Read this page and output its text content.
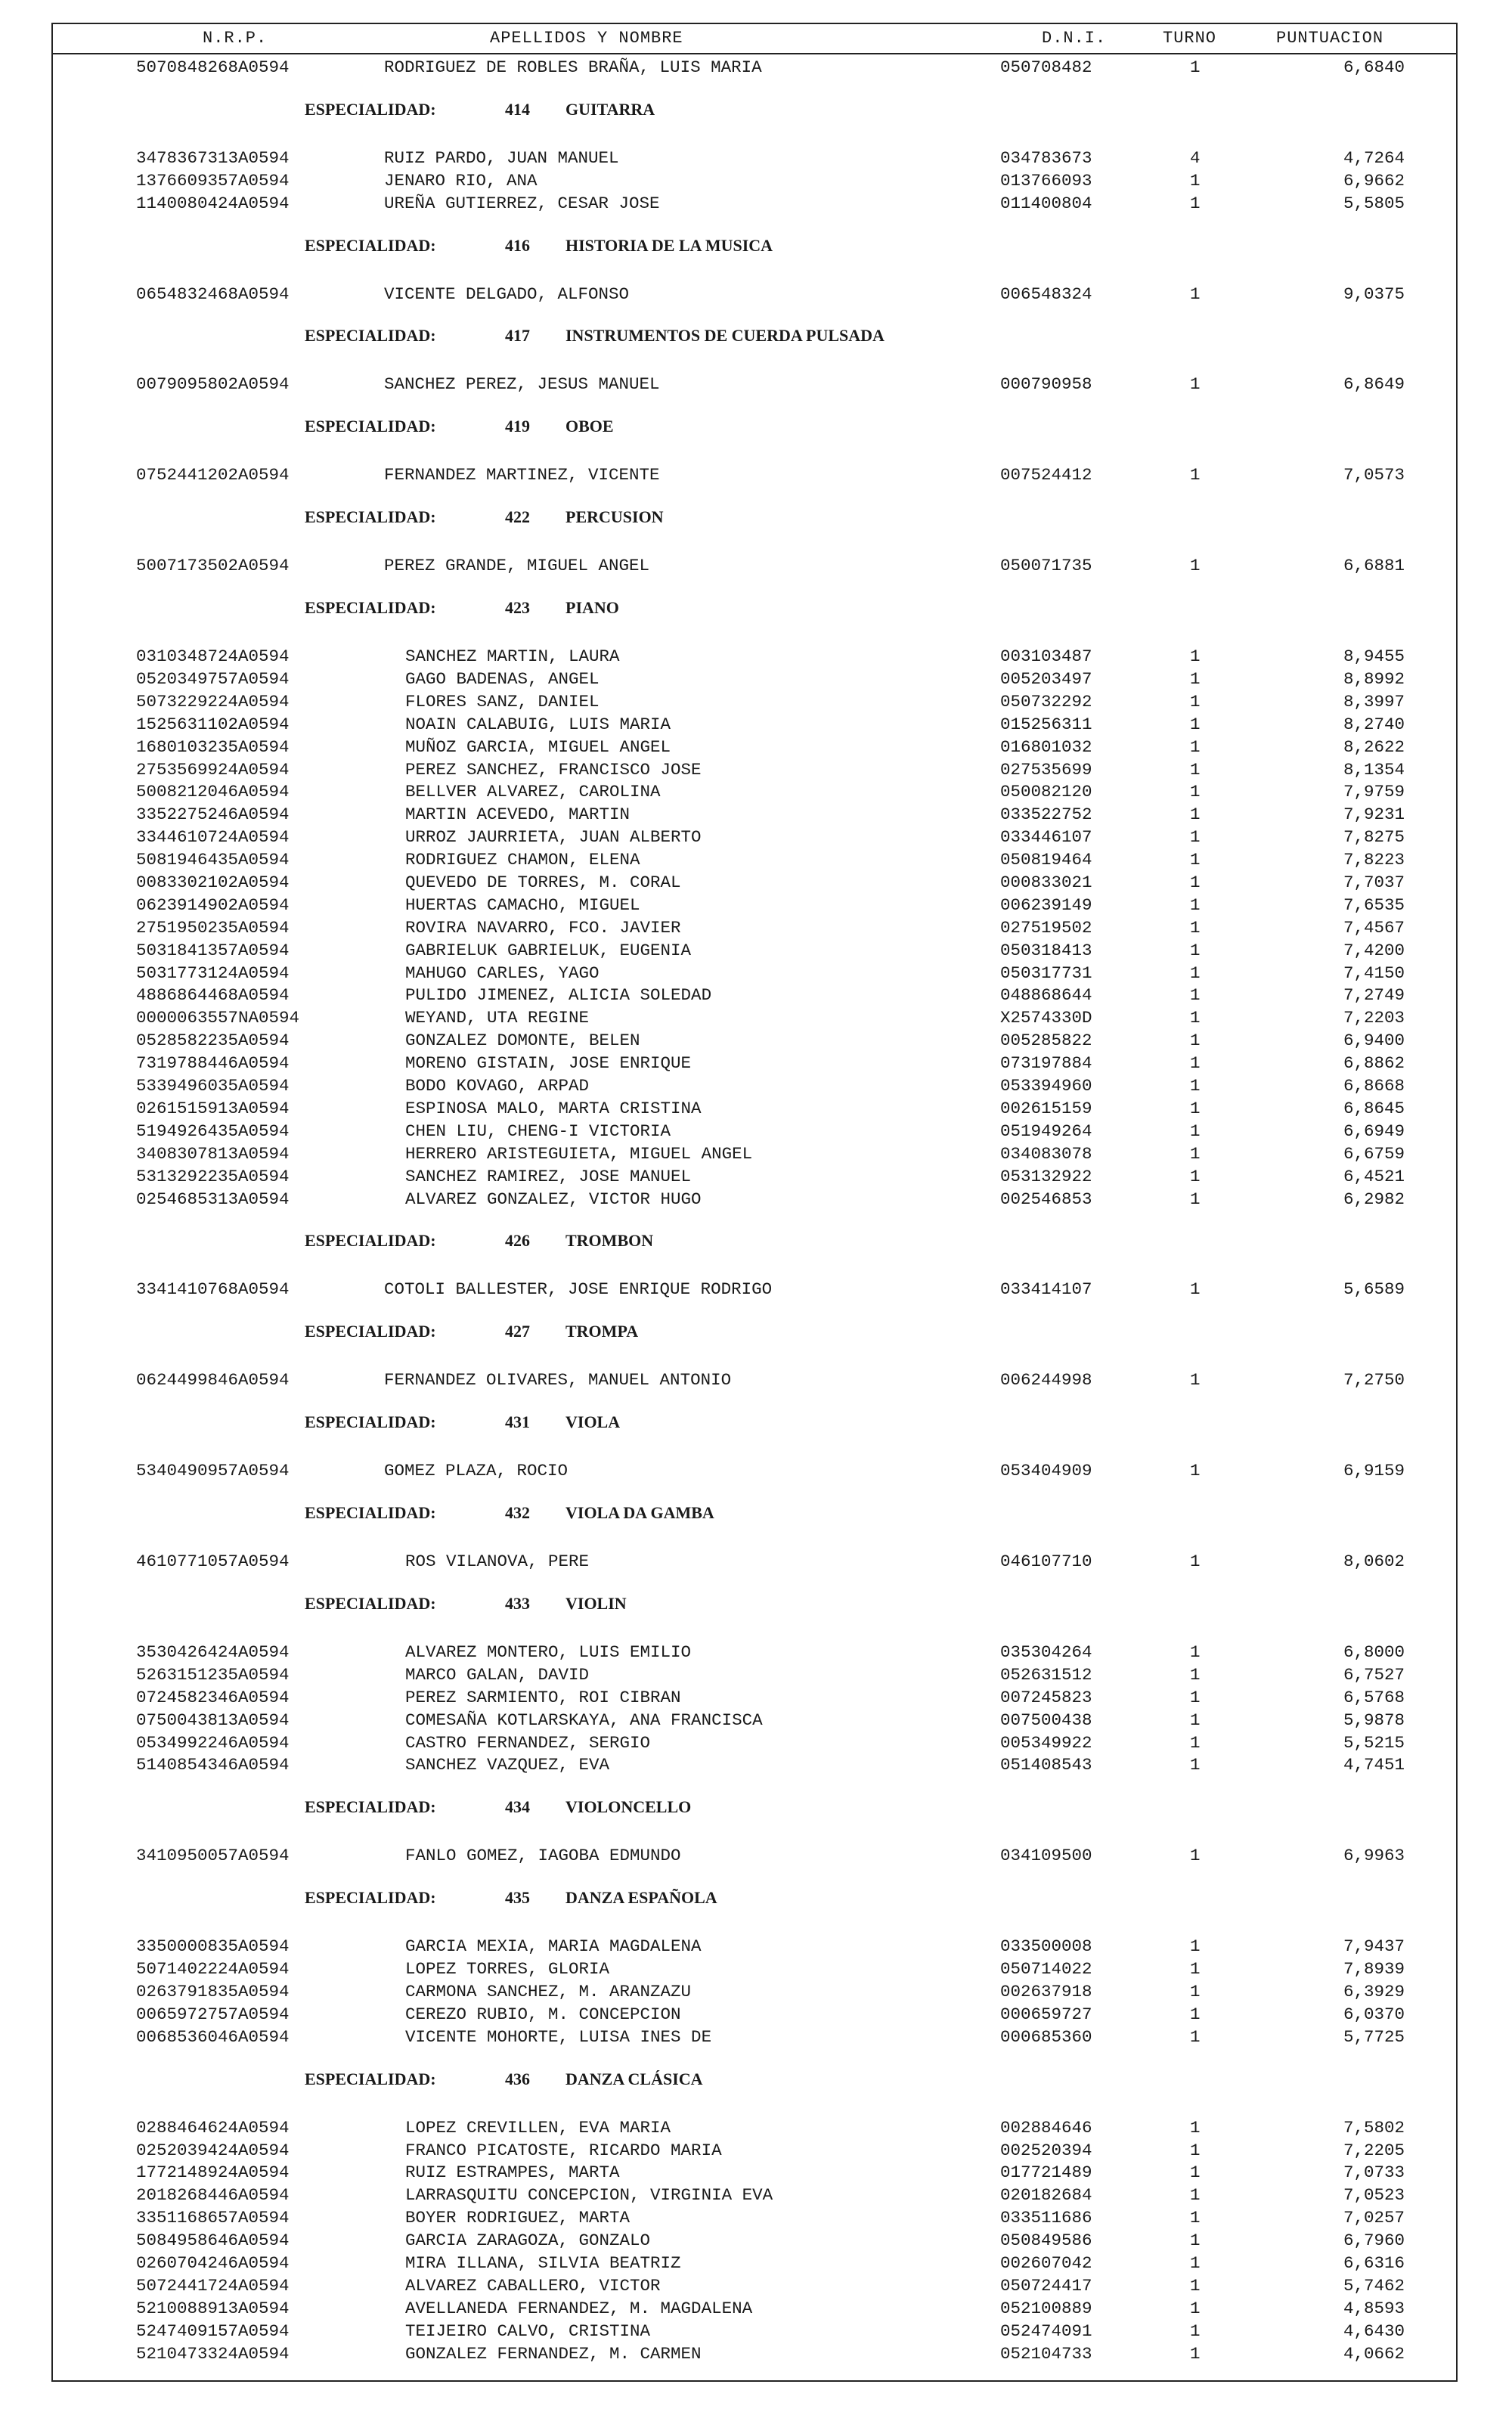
N.R.P.	APELLIDOS Y NOMBRE	D.N.I.	TURNO	PUNTUACION
5070848268A0594	RODRIGUEZ DE ROBLES BRAÑA, LUIS MARIA	050708482	1	6,6840
ESPECIALIDAD:	414 GUITARRA
3478367313A0594	RUIZ PARDO, JUAN MANUEL	034783673	4	4,7264
1376609357A0594	JENARO RIO, ANA	013766093	1	6,9662
1140080424A0594	UREÑA GUTIERREZ, CESAR JOSE	011400804	1	5,5805
ESPECIALIDAD:	416 HISTORIA DE LA MUSICA
0654832468A0594	VICENTE DELGADO, ALFONSO	006548324	1	9,0375
ESPECIALIDAD:	417 INSTRUMENTOS DE CUERDA PULSADA
0079095802A0594	SANCHEZ PEREZ, JESUS MANUEL	000790958	1	6,8649
ESPECIALIDAD:	419 OBOE
0752441202A0594	FERNANDEZ MARTINEZ, VICENTE	007524412	1	7,0573
ESPECIALIDAD:	422 PERCUSION
5007173502A0594	PEREZ GRANDE, MIGUEL ANGEL	050071735	1	6,6881
ESPECIALIDAD:	423 PIANO
0310348724A0594	SANCHEZ MARTIN, LAURA	003103487	1	8,9455
0520349757A0594	GAGO BADENAS, ANGEL	005203497	1	8,8992
5073229224A0594	FLORES SANZ, DANIEL	050732292	1	8,3997
1525631102A0594	NOAIN CALABUIG, LUIS MARIA	015256311	1	8,2740
1680103235A0594	MUÑOZ GARCIA, MIGUEL ANGEL	016801032	1	8,2622
2753569924A0594	PEREZ SANCHEZ, FRANCISCO JOSE	027535699	1	8,1354
5008212046A0594	BELLVER ALVAREZ, CAROLINA	050082120	1	7,9759
3352275246A0594	MARTIN ACEVEDO, MARTIN	033522752	1	7,9231
3344610724A0594	URROZ JAURRIETA, JUAN ALBERTO	033446107	1	7,8275
5081946435A0594	RODRIGUEZ CHAMON, ELENA	050819464	1	7,8223
0083302102A0594	QUEVEDO DE TORRES, M. CORAL	000833021	1	7,7037
0623914902A0594	HUERTAS CAMACHO, MIGUEL	006239149	1	7,6535
2751950235A0594	ROVIRA NAVARRO, FCO. JAVIER	027519502	1	7,4567
5031841357A0594	GABRIELUK GABRIELUK, EUGENIA	050318413	1	7,4200
5031773124A0594	MAHUGO CARLES, YAGO	050317731	1	7,4150
4886864468A0594	PULIDO JIMENEZ, ALICIA SOLEDAD	048868644	1	7,2749
0000063557NA0594	WEYAND, UTA REGINE	X2574330D	1	7,2203
0528582235A0594	GONZALEZ DOMONTE, BELEN	005285822	1	6,9400
7319788446A0594	MORENO GISTAIN, JOSE ENRIQUE	073197884	1	6,8862
5339496035A0594	BODO KOVAGO, ARPAD	053394960	1	6,8668
0261515913A0594	ESPINOSA MALO, MARTA CRISTINA	002615159	1	6,8645
5194926435A0594	CHEN LIU, CHENG-I VICTORIA	051949264	1	6,6949
3408307813A0594	HERRERO ARISTEGUIETA, MIGUEL ANGEL	034083078	1	6,6759
5313292235A0594	SANCHEZ RAMIREZ, JOSE MANUEL	053132922	1	6,4521
0254685313A0594	ALVAREZ GONZALEZ, VICTOR HUGO	002546853	1	6,2982
ESPECIALIDAD:	426 TROMBON
3341410768A0594	COTOLI BALLESTER, JOSE ENRIQUE RODRIGO	033414107	1	5,6589
ESPECIALIDAD:	427 TROMPA
0624499846A0594	FERNANDEZ OLIVARES, MANUEL ANTONIO	006244998	1	7,2750
ESPECIALIDAD:	431 VIOLA
5340490957A0594	GOMEZ PLAZA, ROCIO	053404909	1	6,9159
ESPECIALIDAD:	432 VIOLA DA GAMBA
4610771057A0594	ROS VILANOVA, PERE	046107710	1	8,0602
ESPECIALIDAD:	433 VIOLIN
3530426424A0594	ALVAREZ MONTERO, LUIS EMILIO	035304264	1	6,8000
5263151235A0594	MARCO GALAN, DAVID	052631512	1	6,7527
0724582346A0594	PEREZ SARMIENTO, ROI CIBRAN	007245823	1	6,5768
0750043813A0594	COMESAÑA KOTLARSKAYA, ANA FRANCISCA	007500438	1	5,9878
0534992246A0594	CASTRO FERNANDEZ, SERGIO	005349922	1	5,5215
5140854346A0594	SANCHEZ VAZQUEZ, EVA	051408543	1	4,7451
ESPECIALIDAD:	434 VIOLONCELLO
3410950057A0594	FANLO GOMEZ, IAGOBA EDMUNDO	034109500	1	6,9963
ESPECIALIDAD:	435 DANZA ESPAÑOLA
3350000835A0594	GARCIA MEXIA, MARIA MAGDALENA	033500008	1	7,9437
5071402224A0594	LOPEZ TORRES, GLORIA	050714022	1	7,8939
0263791835A0594	CARMONA SANCHEZ, M. ARANZAZU	002637918	1	6,3929
0065972757A0594	CEREZO RUBIO, M. CONCEPCION	000659727	1	6,0370
0068536046A0594	VICENTE MOHORTE, LUISA INES DE	000685360	1	5,7725
ESPECIALIDAD:	436 DANZA CLÁSICA
0288464624A0594	LOPEZ CREVILLEN, EVA MARIA	002884646	1	7,5802
0252039424A0594	FRANCO PICATOSTE, RICARDO MARIA	002520394	1	7,2205
1772148924A0594	RUIZ ESTRAMPES, MARTA	017721489	1	7,0733
2018268446A0594	LARRASQUITU CONCEPCION, VIRGINIA EVA	020182684	1	7,0523
3351168657A0594	BOYER RODRIGUEZ, MARTA	033511686	1	7,0257
5084958646A0594	GARCIA ZARAGOZA, GONZALO	050849586	1	6,7960
0260704246A0594	MIRA ILLANA, SILVIA BEATRIZ	002607042	1	6,6316
5072441724A0594	ALVAREZ CABALLERO, VICTOR	050724417	1	5,7462
5210088913A0594	AVELLANEDA FERNANDEZ, M. MAGDALENA	052100889	1	4,8593
5247409157A0594	TEIJEIRO CALVO, CRISTINA	052474091	1	4,6430
5210473324A0594	GONZALEZ FERNANDEZ, M. CARMEN	052104733	1	4,0662
